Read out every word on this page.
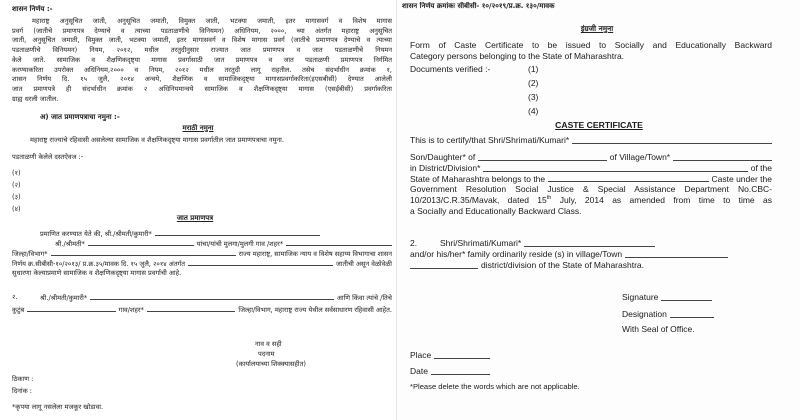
शासन निर्णय :-
महाराष्ट्र अनुसूचित जाती, अनुसूचित जमाती, विमुक्त जाती, भटक्या जमाती, इतर मागासवर्ग व विशेष मागास
प्रवर्ग (जातीचे प्रमाणपत्र देण्याचे व त्याच्या पडताळणीचे विनियमन) अधिनियम, २०००, च्या अंतर्गत महाराष्ट्र अनुसूचित
जाती, अनुसूचित जमाती, विमुक्त जाती, भटक्या जमाती, इतर मागासवर्ग व विशेष मागास प्रवर्ग (जातीचे प्रमाणपत्र देण्याचे व त्याच्या
पडताळणीचे विनियमन) नियम, २०१२, मधील तरतुदीनुसार राज्यात जात प्रमाणपत्र व जात पडताळणीचे नियमन
केले जाते. सामाजिक व शैक्षणिकदृष्ट्या मागास प्रवर्गासाठी जात प्रमाणपत्र व जात पडताळणी प्रमाणपत्र निर्गमित
करण्याकरिता उपरोक्त अधिनियम,२००० व नियम, २०१२ मधील तरतुदी लागू राहतील. तसेच संदर्भाधीन क्रमांक १,
शासन निर्णय दि. १५ जुलै, २०१४ अन्वये, शैक्षणिक व सामाजिकदृष्ट्या मागासप्रवर्गाकरिता(इएसबीसी) देण्यात आलेली
जात प्रमाणपत्रे ही संदर्भाधीन क्रमांक २ अधिनियमान्वये सामाजिक व शैक्षणिकदृष्ट्या मागास (एसईबीसी) प्रवर्गाकरिता
ग्राह्य धरली जातील.
अ) जात प्रमाणपत्राचा नमुना :-
मराठी नमुना
महाराष्ट्र राज्याचे रहिवासी असलेल्या सामाजिक व शैक्षणिकदृष्ट्या मागास प्रवर्गातील जात प्रमाणपत्राचा नमुना.
पडताळणी केलेले दस्तऐवज :-
(१)
(२)
(३)
(४)
जात प्रमाणपत्र
प्रमाणित करण्यात येते की, श्री./श्रीमती/कुमारी*
श्री./श्रीमती*	यांचा/यांची मुलगा/मुलगी गाव /शहर*
जिल्हा/विभाग*	राज्य महाराष्ट्र, सामाजिक न्याय व विशेष सहाय्य विभागाचा शासन
निर्णय क्र.सीबीसी-१०/२०१३/ प्र.क्र.३५/मावक दि. १५ जुलै, २०१४ अंतर्गत	जातीची असून वेळोवेळी
सुधारणा केल्याप्रमाणे सामाजिक व शैक्षणिकदृष्ट्या मागास प्रवर्गाची आहे.
२.	श्री./श्रीमती/कुमारी*	आणि किंवा त्यांचे /तिचे
कुटुंब	गाव/शहर*	जिल्हा/विभाग, महाराष्ट्र राज्य येथील सर्वसाधारण रहिवासी आहेत.
नाव व सही
पदनाम
(कार्यालयाच्या शिक्क्यासहीत)
ठिकाण :
दिनांक :
*कृपया लागू नसलेला मजकूर खोडावा.
शासन निर्णय क्रमांकः सीबीसी- १०/२०१९/प्र.क्र. १३०/मावक
इंग्रजी नमुना
Form of Caste Certificate to be issued to Socially and Educationally Backward
Category persons belonging to the State of Maharashtra.
Documents verified :-	(1)
(2)
(3)
(4)
CASTE CERTIFICATE
This is to certify/that Shri/Shrimati/Kumari*
Son/Daughter* of	of Village/Town*
in District/Division*	of the
State of Maharashtra belongs to the	Caste under the
Government Resolution Social Justice & Special Assistance Department No.CBC-
10/2013/C.R.35/Mavak, dated 15th July, 2014 as amended from time to time as
a Socially and Educationally Backward Class.
2.	Shri/Shrimati/Kumari*
and/or his/her* family ordinarily reside (s) in village/Town
district/division of the State of Maharashtra.
Signature
Designation
With Seal of Office.
Place
Date
*Please delete the words which are not applicable.
